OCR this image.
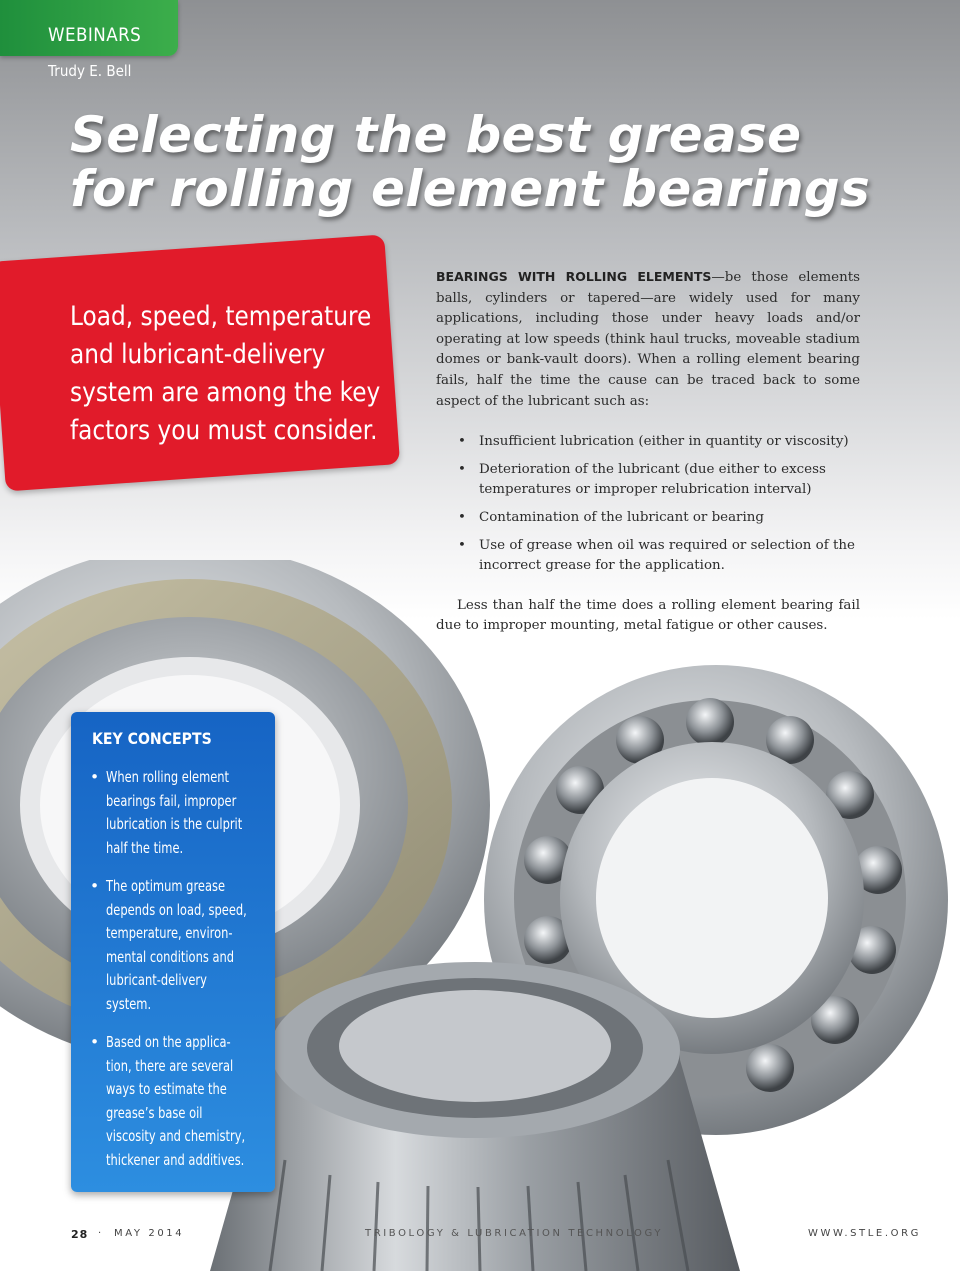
WEBINARS
Trudy E. Bell
Selecting the best grease
for rolling element bearings

Load, speed, temperature
and lubricant-delivery
system are among the key
factors you must consider.

BEARINGS WITH ROLLING ELEMENTS—be those elements balls, cylinders or tapered—are widely used for many applications, including those under heavy loads and/or operating at low speeds (think haul trucks, moveable stadium domes or bank-vault doors). When a rolling element bearing fails, half the time the cause can be traced back to some aspect of the lubricant such as:

• Insufficient lubrication (either in quantity or viscosity)
• Deterioration of the lubricant (due either to excess temperatures or improper relubrication interval)
• Contamination of the lubricant or bearing
• Use of grease when oil was required or selection of the incorrect grease for the application.

Less than half the time does a rolling element bearing fail due to improper mounting, metal fatigue or other causes.

KEY CONCEPTS
• When rolling element
bearings fail, improper
lubrication is the culprit
half the time.
• The optimum grease
depends on load, speed,
temperature, environ-
mental conditions and
lubricant-delivery
system.
• Based on the applica-
tion, there are several
ways to estimate the
grease’s base oil
viscosity and chemistry,
thickener and additives.
28 · MAY 2014	TRIBOLOGY & LUBRICATION TECHNOLOGY	WWW.STLE.ORG
